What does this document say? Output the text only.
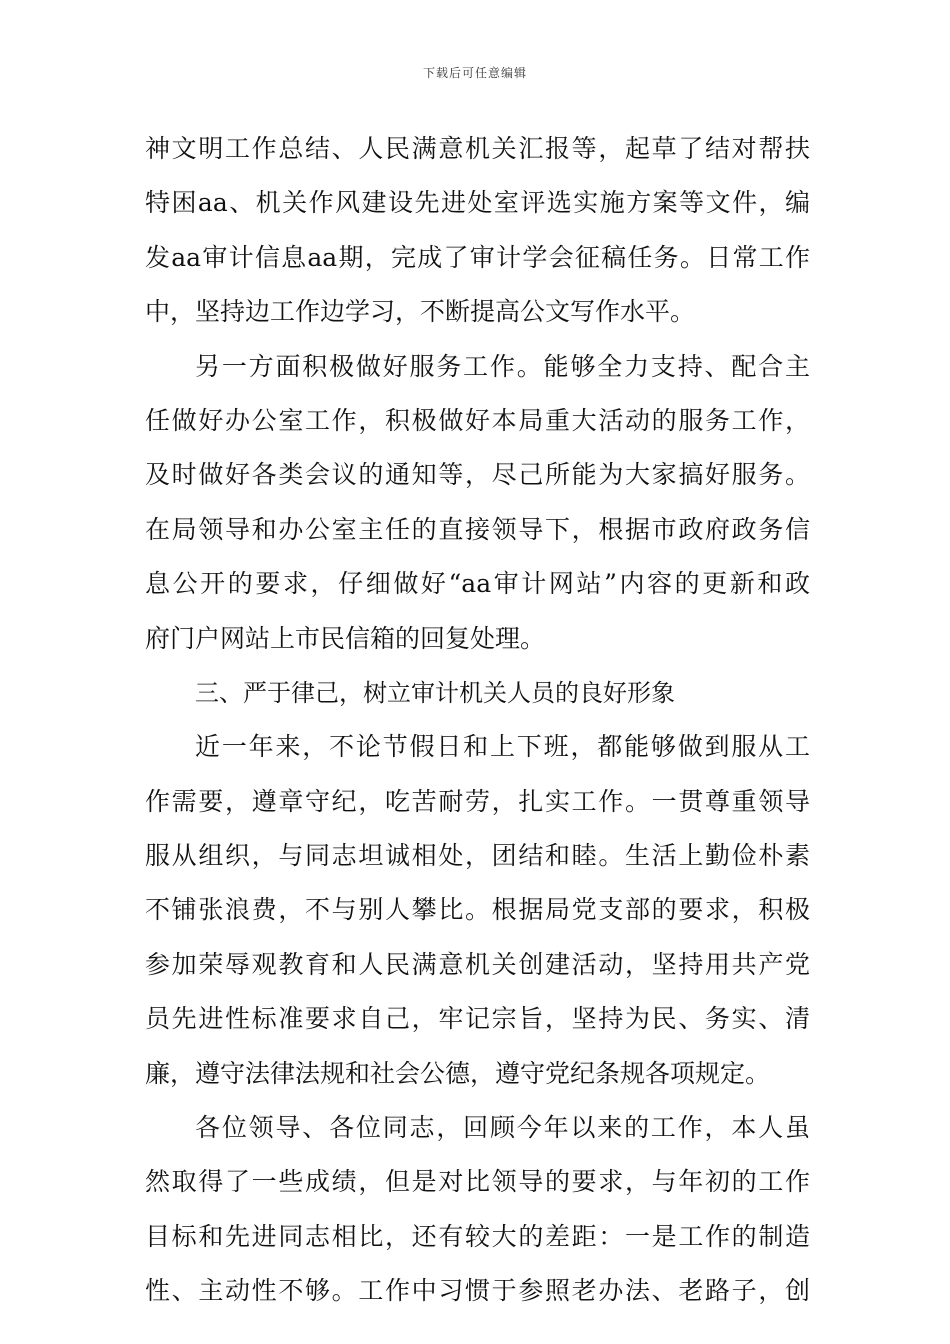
下载后可任意编辑
神文明工作总结、人民满意机关汇报等，起草了结对帮扶
特困aa、机关作风建设先进处室评选实施方案等文件，编
发aa审计信息aa期，完成了审计学会征稿任务。日常工作
中，坚持边工作边学习，不断提高公文写作水平。
另一方面积极做好服务工作。能够全力支持、配合主
任做好办公室工作，积极做好本局重大活动的服务工作，
及时做好各类会议的通知等，尽己所能为大家搞好服务。
在局领导和办公室主任的直接领导下，根据市政府政务信
息公开的要求，仔细做好“aa审计网站”内容的更新和政
府门户网站上市民信箱的回复处理。
三、严于律己，树立审计机关人员的良好形象
近一年来，不论节假日和上下班，都能够做到服从工
作需要，遵章守纪，吃苦耐劳，扎实工作。一贯尊重领导
服从组织，与同志坦诚相处，团结和睦。生活上勤俭朴素
不铺张浪费，不与别人攀比。根据局党支部的要求，积极
参加荣辱观教育和人民满意机关创建活动，坚持用共产党
员先进性标准要求自己，牢记宗旨，坚持为民、务实、清
廉，遵守法律法规和社会公德，遵守党纪条规各项规定。
各位领导、各位同志，回顾今年以来的工作，本人虽
然取得了一些成绩，但是对比领导的要求，与年初的工作
目标和先进同志相比，还有较大的差距：一是工作的制造
性、主动性不够。工作中习惯于参照老办法、老路子，创
